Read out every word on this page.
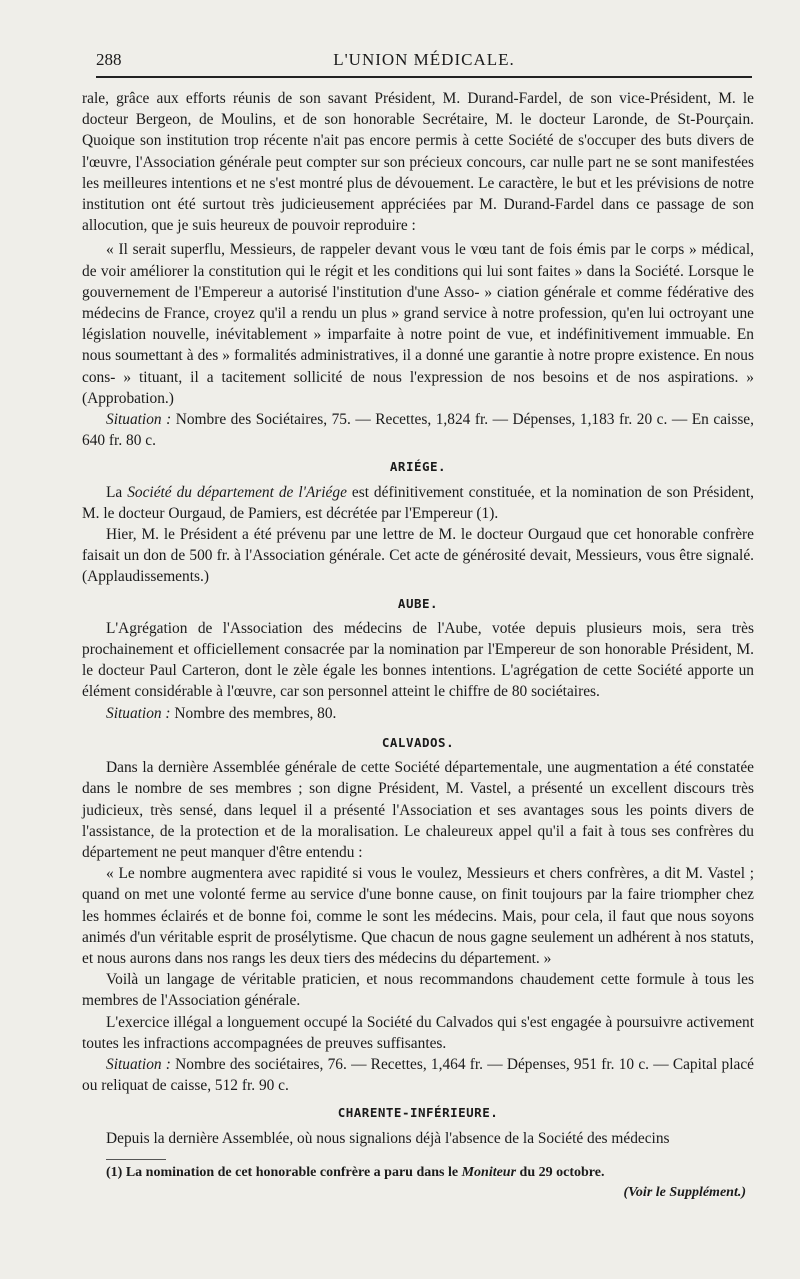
288	L'UNION MÉDICALE.

rale, grâce aux efforts réunis de son savant Président, M. Durand-Fardel, de son vice-Président, M. le docteur Bergeon, de Moulins, et de son honorable Secrétaire, M. le docteur Laronde, de St-Pourçain. Quoique son institution trop récente n'ait pas encore permis à cette Société de s'occuper des buts divers de l'œuvre, l'Association générale peut compter sur son précieux concours, car nulle part ne se sont manifestées les meilleures intentions et ne s'est montré plus de dévouement. Le caractère, le but et les prévisions de notre institution ont été surtout très judicieusement appréciées par M. Durand-Fardel dans ce passage de son allocution, que je suis heureux de pouvoir reproduire :

« Il serait superflu, Messieurs, de rappeler devant vous le vœu tant de fois émis par le corps » médical, de voir améliorer la constitution qui le régit et les conditions qui lui sont faites » dans la Société. Lorsque le gouvernement de l'Empereur a autorisé l'institution d'une Asso- » ciation générale et comme fédérative des médecins de France, croyez qu'il a rendu un plus » grand service à notre profession, qu'en lui octroyant une législation nouvelle, inévitablement » imparfaite à notre point de vue, et indéfinitivement immuable. En nous soumettant à des » formalités administratives, il a donné une garantie à notre propre existence. En nous cons- » tituant, il a tacitement sollicité de nous l'expression de nos besoins et de nos aspirations. » (Approbation.)

Situation : Nombre des Sociétaires, 75. — Recettes, 1,824 fr. — Dépenses, 1,183 fr. 20 c. — En caisse, 640 fr. 80 c.

ARIÉGE.

La Société du département de l'Ariége est définitivement constituée, et la nomination de son Président, M. le docteur Ourgaud, de Pamiers, est décrétée par l'Empereur (1).

Hier, M. le Président a été prévenu par une lettre de M. le docteur Ourgaud que cet honorable confrère faisait un don de 500 fr. à l'Association générale. Cet acte de générosité devait, Messieurs, vous être signalé. (Applaudissements.)

AUBE.

L'Agrégation de l'Association des médecins de l'Aube, votée depuis plusieurs mois, sera très prochainement et officiellement consacrée par la nomination par l'Empereur de son honorable Président, M. le docteur Paul Carteron, dont le zèle égale les bonnes intentions. L'agrégation de cette Société apporte un élément considérable à l'œuvre, car son personnel atteint le chiffre de 80 sociétaires.

Situation : Nombre des membres, 80.

CALVADOS.

Dans la dernière Assemblée générale de cette Société départementale, une augmentation a été constatée dans le nombre de ses membres ; son digne Président, M. Vastel, a présenté un excellent discours très judicieux, très sensé, dans lequel il a présenté l'Association et ses avantages sous les points divers de l'assistance, de la protection et de la moralisation. Le chaleureux appel qu'il a fait à tous ses confrères du département ne peut manquer d'être entendu :

« Le nombre augmentera avec rapidité si vous le voulez, Messieurs et chers confrères, a dit M. Vastel ; quand on met une volonté ferme au service d'une bonne cause, on finit toujours par la faire triompher chez les hommes éclairés et de bonne foi, comme le sont les médecins. Mais, pour cela, il faut que nous soyons animés d'un véritable esprit de prosélytisme. Que chacun de nous gagne seulement un adhérent à nos statuts, et nous aurons dans nos rangs les deux tiers des médecins du département. »

Voilà un langage de véritable praticien, et nous recommandons chaudement cette formule à tous les membres de l'Association générale.

L'exercice illégal a longuement occupé la Société du Calvados qui s'est engagée à poursuivre activement toutes les infractions accompagnées de preuves suffisantes.

Situation : Nombre des sociétaires, 76. — Recettes, 1,464 fr. — Dépenses, 951 fr. 10 c. — Capital placé ou reliquat de caisse, 512 fr. 90 c.

CHARENTE-INFÉRIEURE.

Depuis la dernière Assemblée, où nous signalions déjà l'absence de la Société des médecins

(1) La nomination de cet honorable confrère a paru dans le Moniteur du 29 octobre.

(Voir le Supplément.)
